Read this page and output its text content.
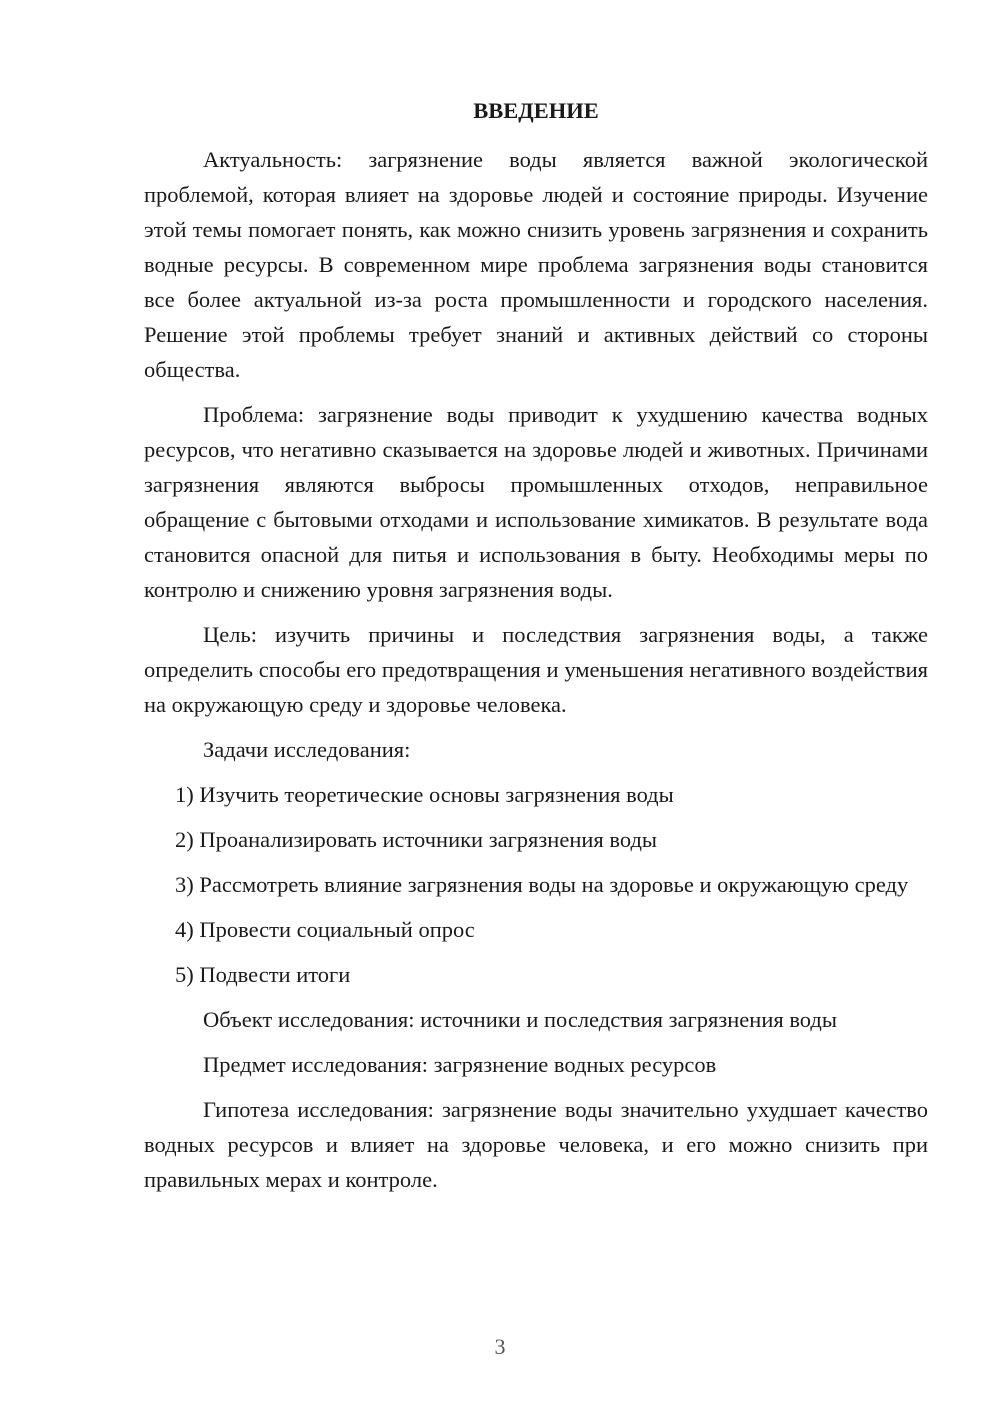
ВВЕДЕНИЕ

Актуальность: загрязнение воды является важной экологической проблемой, которая влияет на здоровье людей и состояние природы. Изучение этой темы помогает понять, как можно снизить уровень загрязнения и сохранить водные ресурсы. В современном мире проблема загрязнения воды становится все более актуальной из-за роста промышленности и городского населения. Решение этой проблемы требует знаний и активных действий со стороны общества.

Проблема: загрязнение воды приводит к ухудшению качества водных ресурсов, что негативно сказывается на здоровье людей и животных. Причинами загрязнения являются выбросы промышленных отходов, неправильное обращение с бытовыми отходами и использование химикатов. В результате вода становится опасной для питья и использования в быту. Необходимы меры по контролю и снижению уровня загрязнения воды.

Цель: изучить причины и последствия загрязнения воды, а также определить способы его предотвращения и уменьшения негативного воздействия на окружающую среду и здоровье человека.

Задачи исследования:

1) Изучить теоретические основы загрязнения воды

2) Проанализировать источники загрязнения воды

3) Рассмотреть влияние загрязнения воды на здоровье и окружающую среду

4) Провести социальный опрос

5) Подвести итоги

Объект исследования: источники и последствия загрязнения воды

Предмет исследования: загрязнение водных ресурсов

Гипотеза исследования: загрязнение воды значительно ухудшает качество водных ресурсов и влияет на здоровье человека, и его можно снизить при правильных мерах и контроле.

3
